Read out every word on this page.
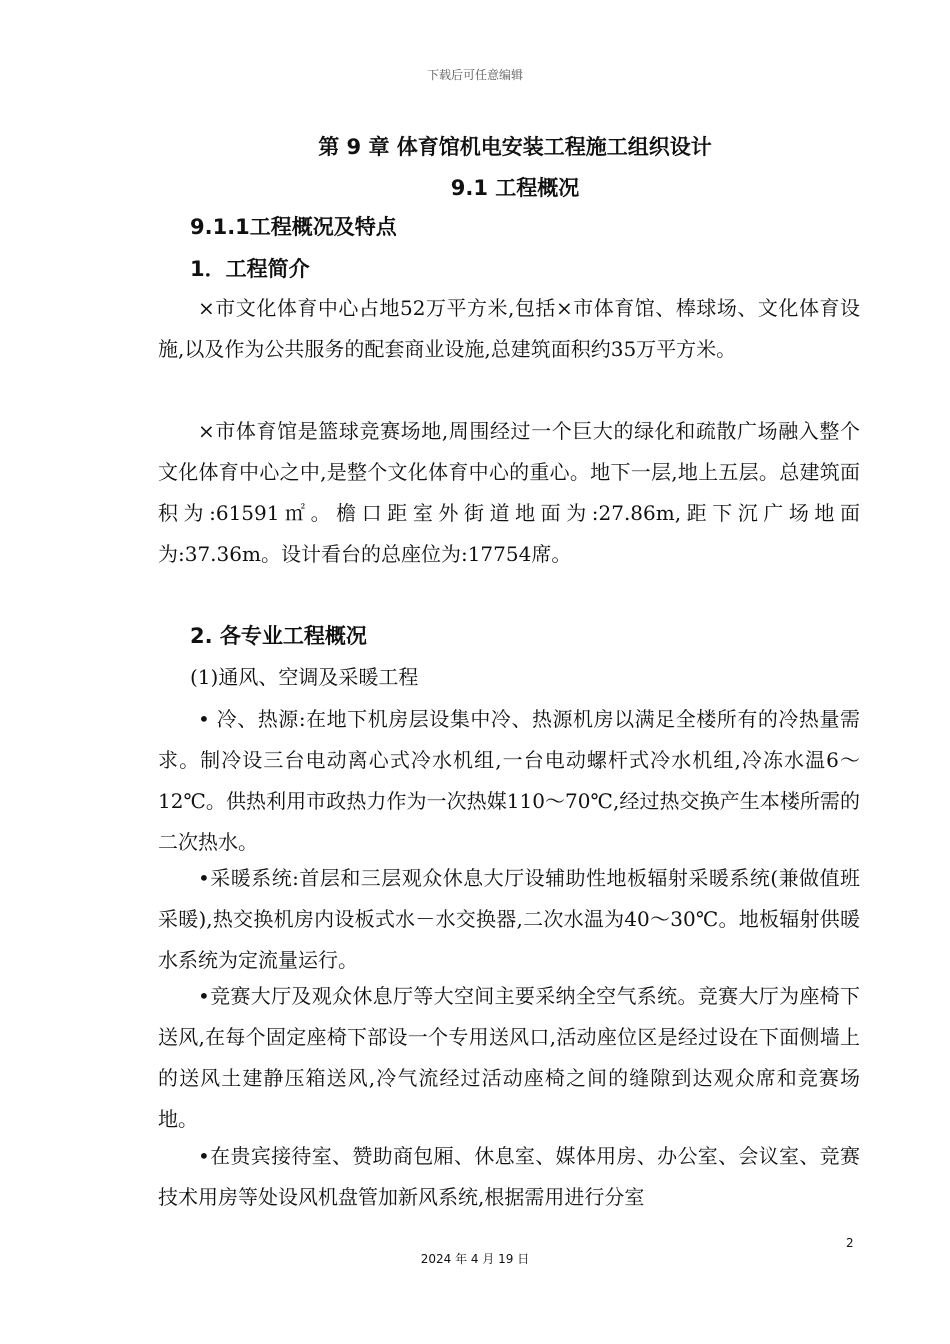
下载后可任意编辑
第 9 章 体育馆机电安装工程施工组织设计
9.1 工程概况
9.1.1工程概况及特点
1．工程简介

×市文化体育中心占地52万平方米,包括×市体育馆、棒球场、文化体育设施,以及作为公共服务的配套商业设施,总建筑面积约35万平方米。

×市体育馆是篮球竞赛场地,周围经过一个巨大的绿化和疏散广场融入整个文化体育中心之中,是整个文化体育中心的重心。地下一层,地上五层。总建筑面积为:61591㎡。檐口距室外街道地面为:27.86m,距下沉广场地面为:37.36m。设计看台的总座位为:17754席。

2. 各专业工程概况
(1)通风、空调及采暖工程

• 冷、热源:在地下机房层设集中冷、热源机房以满足全楼所有的冷热量需求。制冷设三台电动离心式冷水机组,一台电动螺杆式冷水机组,冷冻水温6～12℃。供热利用市政热力作为一次热媒110～70℃,经过热交换产生本楼所需的二次热水。

•采暖系统:首层和三层观众休息大厅设辅助性地板辐射采暖系统(兼做值班采暖),热交换机房内设板式水－水交换器,二次水温为40～30℃。地板辐射供暖水系统为定流量运行。

•竞赛大厅及观众休息厅等大空间主要采纳全空气系统。竞赛大厅为座椅下送风,在每个固定座椅下部设一个专用送风口,活动座位区是经过设在下面侧墙上的送风土建静压箱送风,冷气流经过活动座椅之间的缝隙到达观众席和竞赛场地。

•在贵宾接待室、赞助商包厢、休息室、媒体用房、办公室、会议室、竞赛技术用房等处设风机盘管加新风系统,根据需用进行分室

2
2024 年 4 月 19 日
